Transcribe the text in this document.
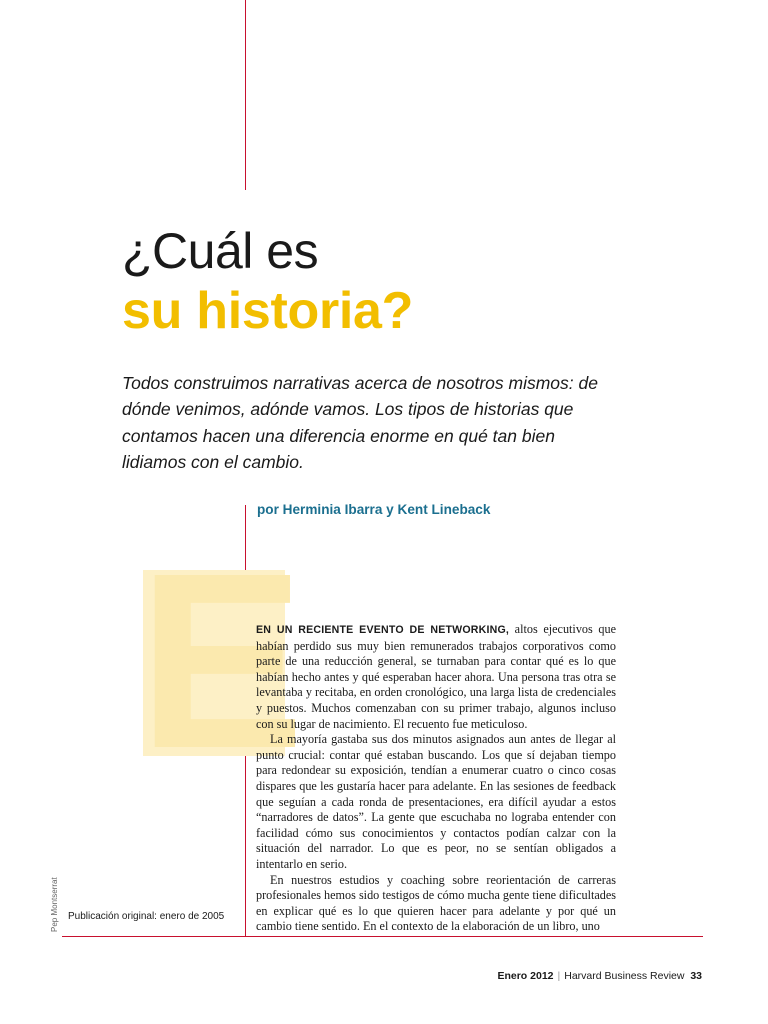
¿Cuál es
su historia?
Todos construimos narrativas acerca de nosotros mismos: de dónde venimos, adónde vamos. Los tipos de historias que contamos hacen una diferencia enorme en qué tan bien lidiamos con el cambio.
por Herminia Ibarra y Kent Lineback
E

EN UN RECIENTE EVENTO DE NETWORKING, altos ejecutivos que habían perdido sus muy bien remunerados trabajos corporativos como parte de una reducción general, se turnaban para contar qué es lo que habían hecho antes y qué esperaban hacer ahora. Una persona tras otra se levantaba y recitaba, en orden cronológico, una larga lista de credenciales y puestos. Muchos comenzaban con su primer trabajo, algunos incluso con su lugar de nacimiento. El recuento fue meticuloso.

La mayoría gastaba sus dos minutos asignados aun antes de llegar al punto crucial: contar qué estaban buscando. Los que sí dejaban tiempo para redondear su exposición, tendían a enumerar cuatro o cinco cosas dispares que les gustaría hacer para adelante. En las sesiones de feedback que seguían a cada ronda de presentaciones, era difícil ayudar a estos “narradores de datos”. La gente que escuchaba no lograba entender con facilidad cómo sus conocimientos y contactos podían calzar con la situación del narrador. Lo que es peor, no se sentían obligados a intentarlo en serio.

En nuestros estudios y coaching sobre reorientación de carreras profesionales hemos sido testigos de cómo mucha gente tiene dificultades en explicar qué es lo que quieren hacer para adelante y por qué un cambio tiene sentido. En el contexto de la elaboración de un libro, uno

Pep Montserrat Publicación original: enero de 2005
Enero 2012 | Harvard Business Review 33
